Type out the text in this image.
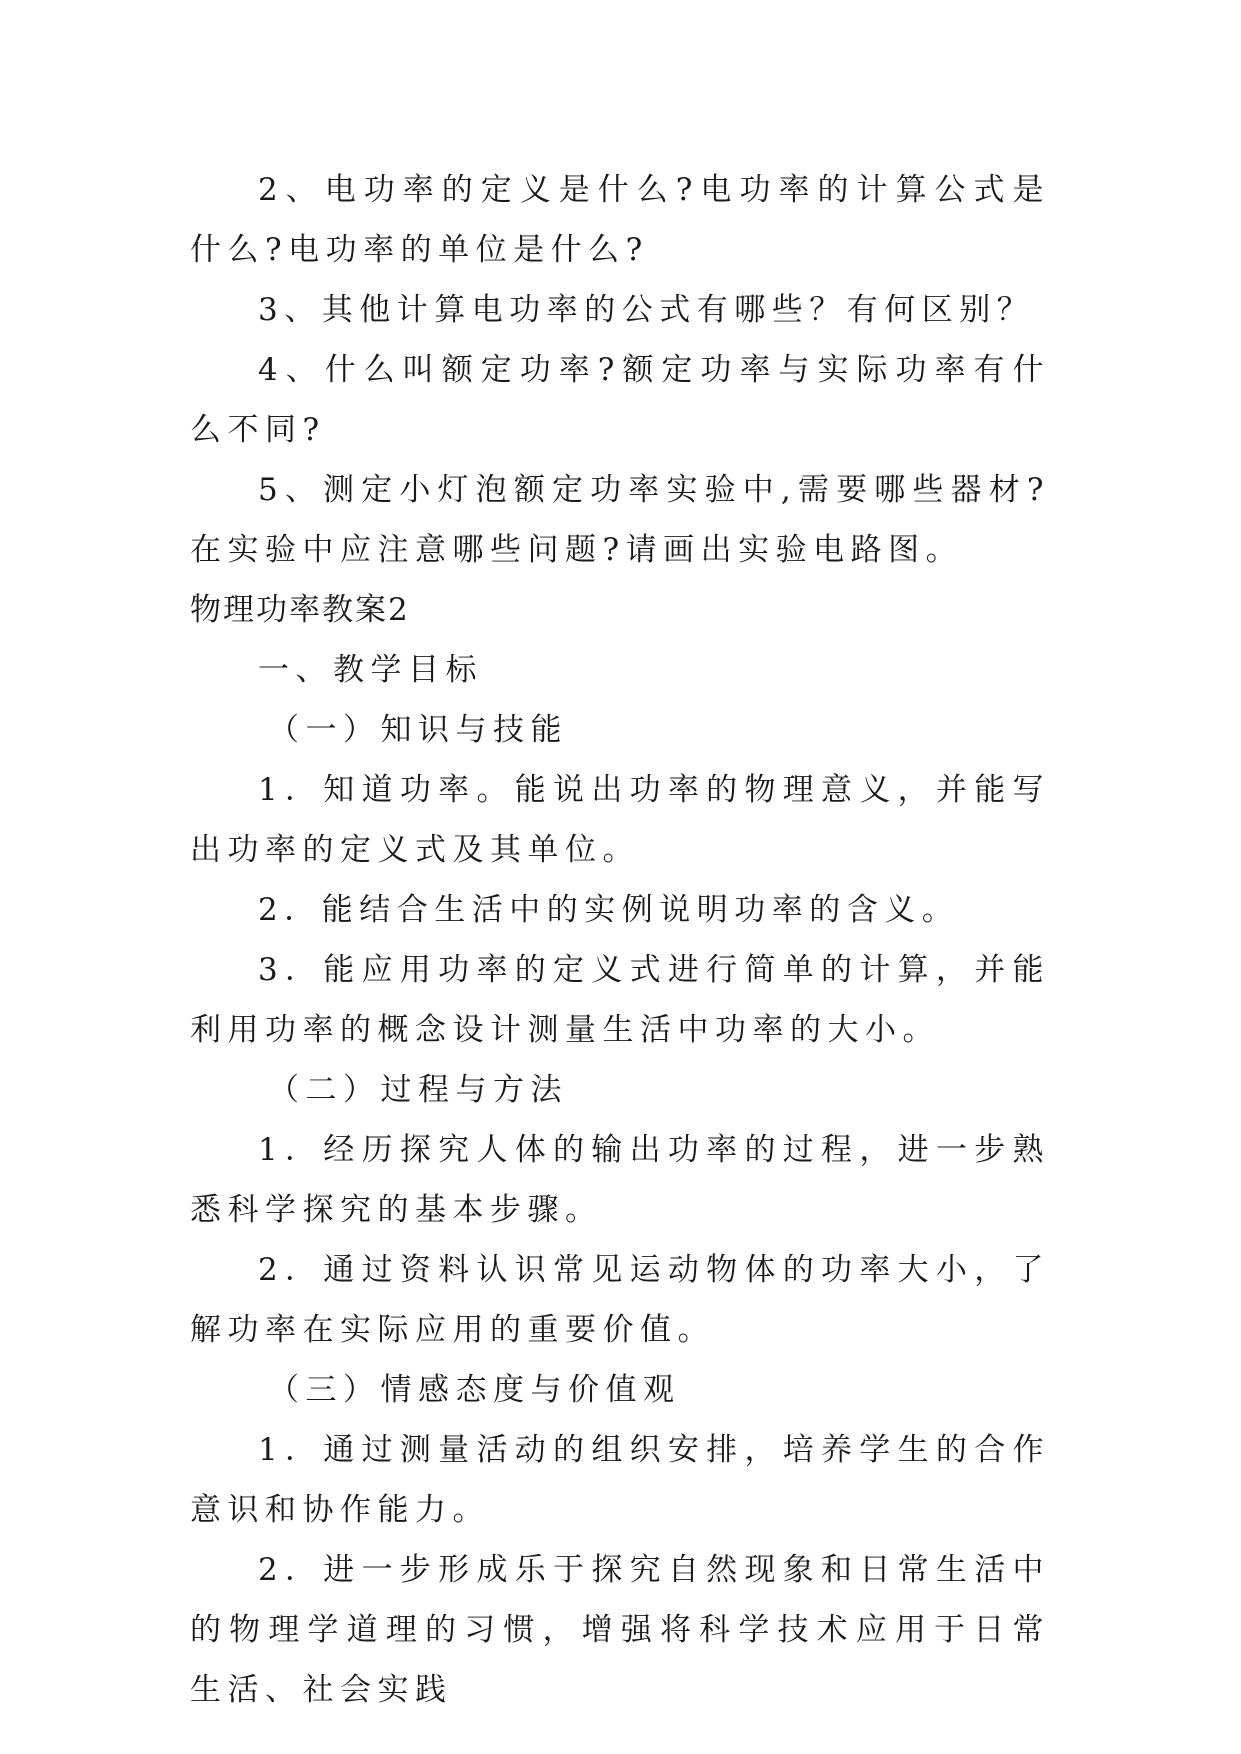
2、电功率的定义是什么?电功率的计算公式是什么?电功率的单位是什么?

3、其他计算电功率的公式有哪些？有何区别？

4、什么叫额定功率?额定功率与实际功率有什么不同?

5、测定小灯泡额定功率实验中,需要哪些器材?在实验中应注意哪些问题?请画出实验电路图。

物理功率教案2

一、教学目标

（一）知识与技能

1．知道功率。能说出功率的物理意义，并能写出功率的定义式及其单位。

2．能结合生活中的实例说明功率的含义。

3．能应用功率的定义式进行简单的计算，并能利用功率的概念设计测量生活中功率的大小。

（二）过程与方法

1．经历探究人体的输出功率的过程，进一步熟悉科学探究的基本步骤。

2．通过资料认识常见运动物体的功率大小，了解功率在实际应用的重要价值。

（三）情感态度与价值观

1．通过测量活动的组织安排，培养学生的合作意识和协作能力。

2．进一步形成乐于探究自然现象和日常生活中的物理学道理的习惯，增强将科学技术应用于日常生活、社会实践
